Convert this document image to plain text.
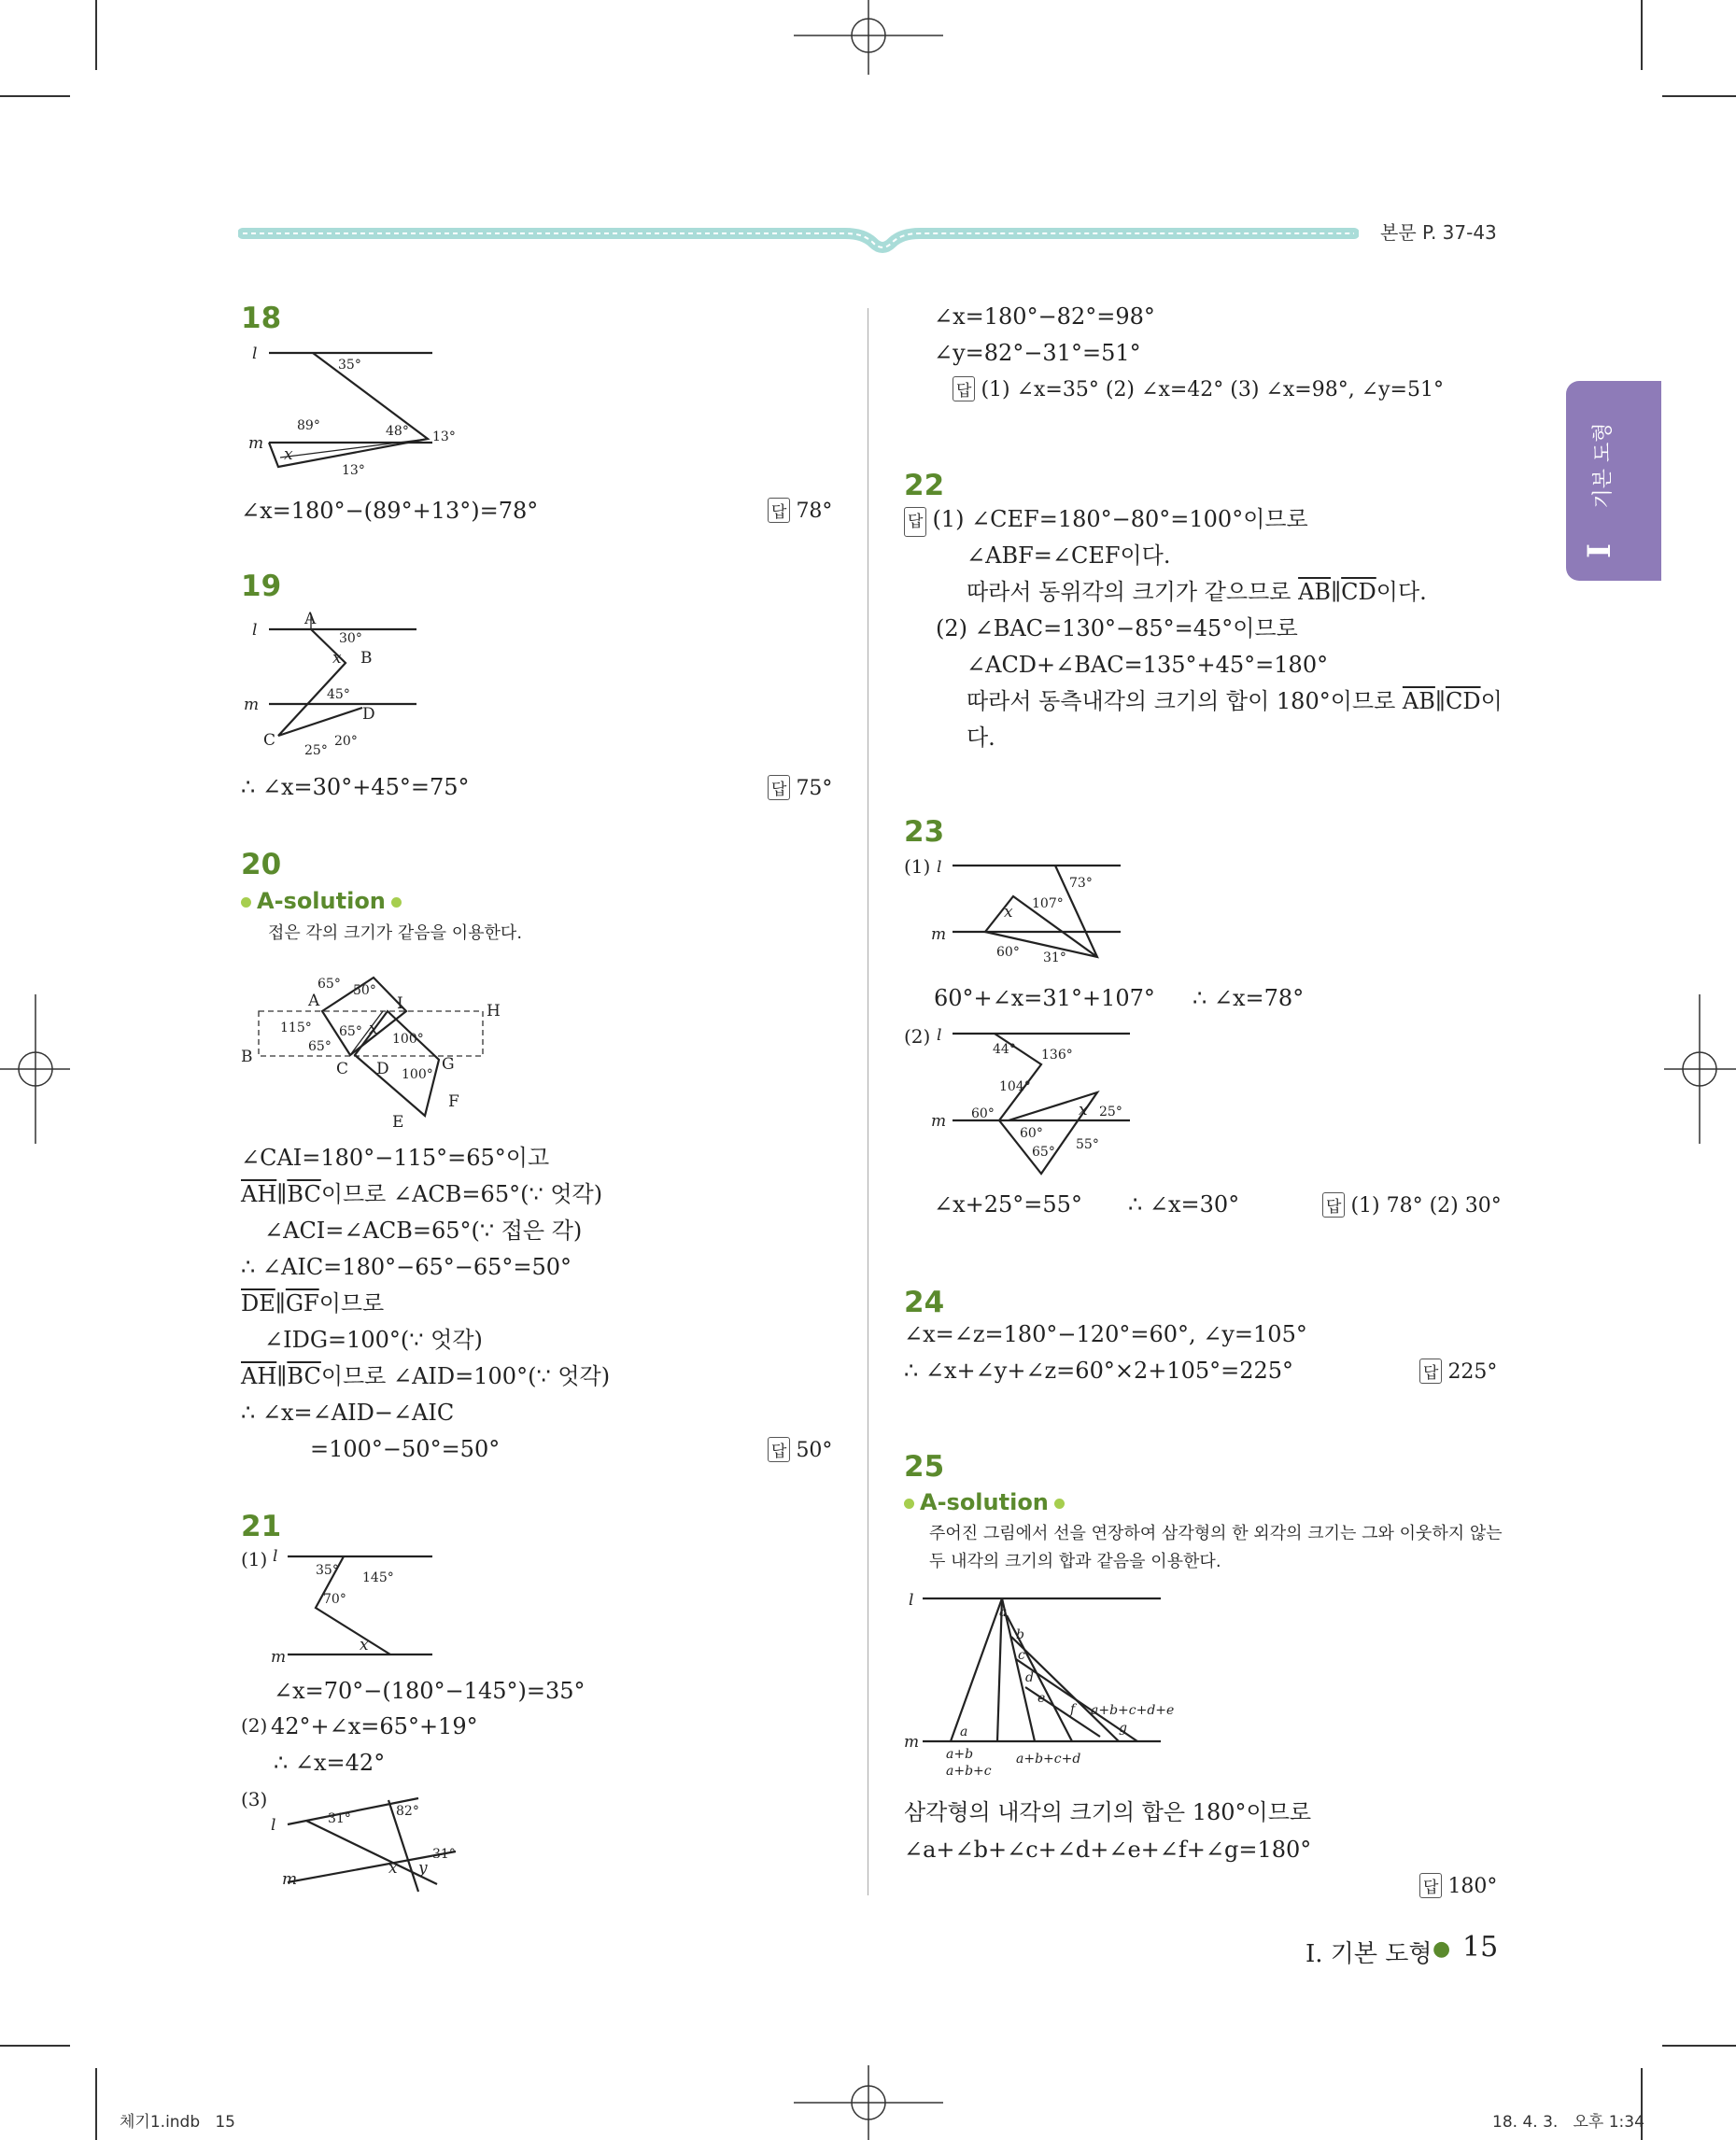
본문 P. 37-43
I
기본 도형
18
l
m
35°
89°	48° 13°
13°
x
∠x=180°−(89°+13°)=78°	답 78°
19
l
m
A
B
C
D
30°
45°
25°
20°
x
∴ ∠x=30°+45°=75°	답 75°
20
A-solution
접은 각의 크기가 같음을 이용한다.
A
B
C D
E
F
G
H
I
65° 50°
115° 65°
65°	100°
100°
x
∠CAI=180°−115°=65°이고
$\overline{AH}\parallel\overline{BC}$이므로 ∠ACB=65°(∵ 엇각)
∠ACI=∠ACB=65°(∵ 접은 각)
∴ ∠AIC=180°−65°−65°=50°
$\overline{DE}\parallel\overline{GF}$이므로
∠IDG=100°(∵ 엇각)
$\overline{AH}\parallel\overline{BC}$이므로 ∠AID=100°(∵ 엇각)
∴ ∠x=∠AID−∠AIC
=100°−50°=50°	답 50°
21
(1) l
m
35° 145°
70°
x
∠x=70°−(180°−145°)=35°
(2) 42°+∠x=65°+19°
∴ ∠x=42°
(3)
l
m
31°	82°
31°
x y
∠x=180°−82°=98°
∠y=82°−31°=51°
답 (1) ∠x=35° (2) ∠x=42° (3) ∠x=98°, ∠y=51°
22
답 (1) ∠CEF=180°−80°=100°이므로
∠ABF=∠CEF이다.
따라서 동위각의 크기가 같으므로 $\overline{AB}\parallel\overline{CD}$이다.
(2) ∠BAC=130°−85°=45°이므로
∠ACD+∠BAC=135°+45°=180°
따라서 동측내각의 크기의 합이 180°이므로 $\overline{AB}\parallel\overline{CD}$이
다.
23
(1) l
m
73°
107°
x
60° 31°
60°+∠x=31°+107° ∴ ∠x=78°
(2) l
m
44° 136°
104°
60°
60°
65°
25°
55°
x
∠x+25°=55° ∴ ∠x=30°	답 (1) 78° (2) 30°
24
∠x=∠z=180°−120°=60°, ∠y=105°
∴ ∠x+∠y+∠z=60°×2+105°=225°	답 225°
25
A-solution
주어진 그림에서 선을 연장하여 삼각형의 한 외각의 크기는 그와 이웃하지 않는
두 내각의 크기의 합과 같음을 이용한다.
l
m
a
b
c
d
e
f
g
a+b+c+d+e
a
a+b
a+b+c
a+b+c+d
삼각형의 내각의 크기의 합은 180°이므로
∠a+∠b+∠c+∠d+∠e+∠f+∠g=180°
답 180°
I. 기본 도형 ● 15
체기1.indb   15	18. 4. 3.   오후 1:34
